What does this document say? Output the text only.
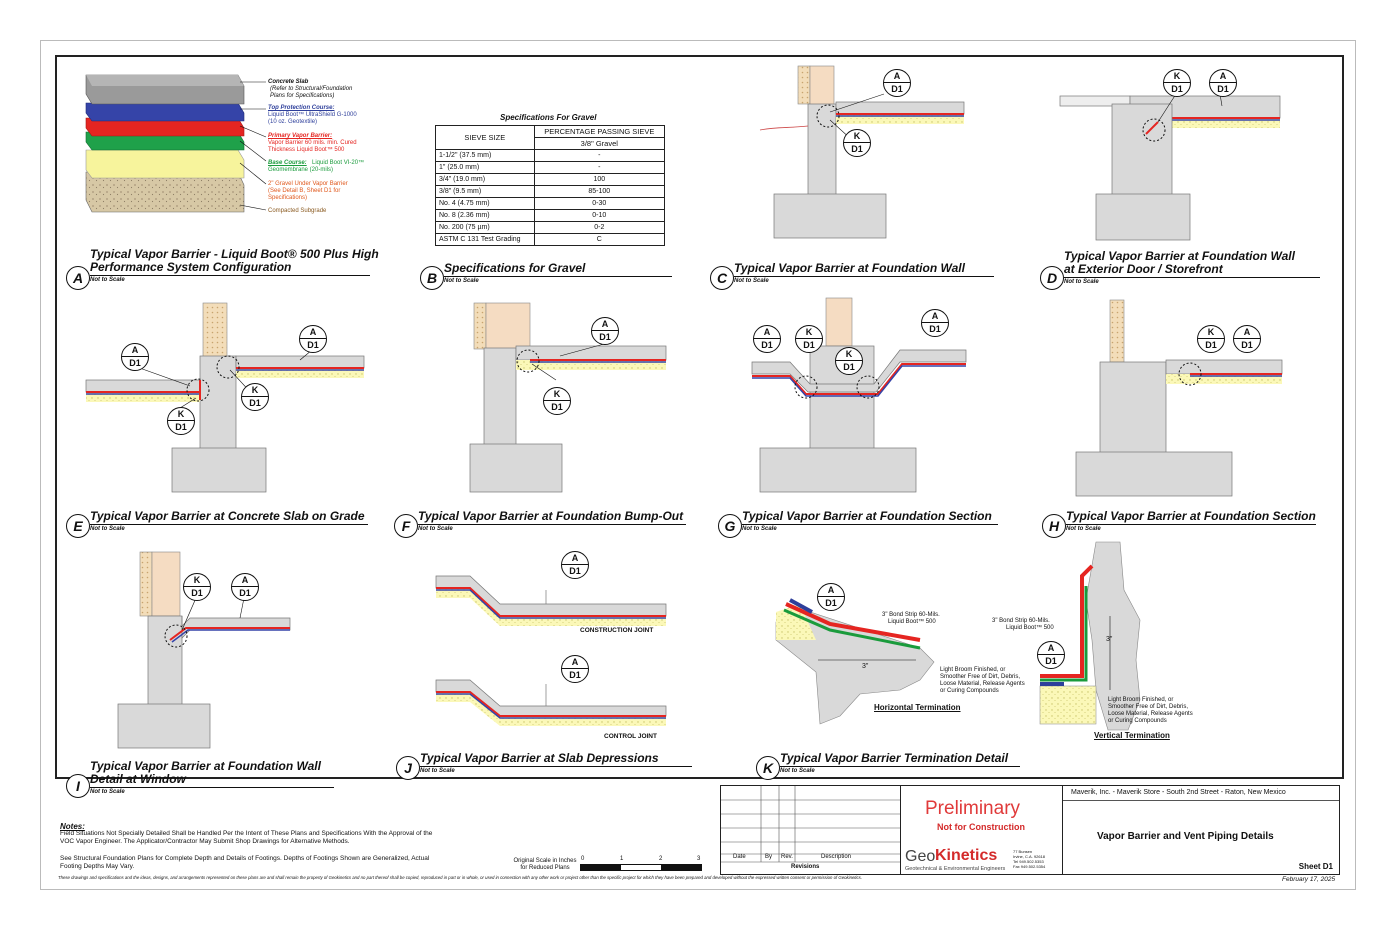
Concrete Slab
(Refer to Structural/Foundation
Plans for Specifications)
Top Protection Course:
Liquid Boot™ UltraShield G-1000
(10 oz. Geotextile)
Primary Vapor Barrier:
Vapor Barrier 60 mils. min. Cured
Thickness Liquid Boot™ 500
Base Course: Liquid Boot VI-20™
Geomembrane (20-mils)
2" Gravel Under Vapor Barrier
(See Detail B, Sheet D1 for
Specifications)
Compacted Subgrade
Specifications For Gravel
SIEVE SIZE	PERCENTAGE PASSING SIEVE
	3/8" Gravel
1-1/2" (37.5 mm)	-
1" (25.0 mm)	-
3/4" (19.0 mm)	100
3/8" (9.5 mm)	85-100
No. 4 (4.75 mm)	0-30
No. 8 (2.36 mm)	0-10
No. 200 (75 µm)	0-2
ASTM C 131 Test Grading	C
A
D1
K
D1
K
D1
A
D1
A
D1
A
D1
K
D1
K
D1
A
D1
K
D1
A
D1
K
D1
K
D1
A
D1	K
D1
A
D1
K
D1
A
D1
A
D1
A
D1
A
D1
A
D1
CONSTRUCTION JOINT
CONTROL JOINT
3" Bond Strip 60-Mils.
Liquid Boot™ 500
3"	Light Broom Finished, or
Smoother Free of Dirt, Debris,
Loose Material, Release Agents
or Curing Compounds
Horizontal Termination
3" Bond Strip 60-Mils.
Liquid Boot™ 500
3"
Light Broom Finished, or
Smoother Free of Dirt, Debris,
Loose Material, Release Agents
or Curing Compounds
Vertical Termination
A
Typical Vapor Barrier - Liquid Boot® 500 Plus High
Performance System Configuration
Not to Scale	B
Specifications for Gravel
Not to Scale	C
Typical Vapor Barrier at Foundation Wall
Not to Scale	D
Typical Vapor Barrier at Foundation Wall
at Exterior Door / Storefront
Not to Scale
E
Typical Vapor Barrier at Concrete Slab on Grade
Not to Scale	F
Typical Vapor Barrier at Foundation Bump-Out
Not to Scale	G
Typical Vapor Barrier at Foundation Section
Not to Scale	H
Typical Vapor Barrier at Foundation Section
Not to Scale
I
Typical Vapor Barrier at Foundation Wall
Detail at Window
Not to Scale
J
Typical Vapor Barrier at Slab Depressions
Not to Scale	K
Typical Vapor Barrier Termination Detail
Not to Scale
Notes:
Field Situations Not Specially Detailed Shall be Handled Per the Intent of These Plans and Specifications With the Approval of the
VOC Vapor Engineer. The Applicator/Contractor May Submit Shop Drawings for Alternative Methods.
See Structural Foundation Plans for Complete Depth and Details of Footings. Depths of Footings Shown are Generalized, Actual
Footing Depths May Vary.
Original Scale in Inches
for Reduced Plans
0	1	2	3	Date	By Rev.	Description
Revisions
Preliminary
Not for Construction
Geo Kinetics
Geotechnical & Environmental Engineers
77 Bunsen
Irvine, C.A. 92618
Tel 949.502.5353
Fax 949.502.5354
Maverik, Inc. - Maverik Store - South 2nd Street - Raton, New Mexico
Vapor Barrier and Vent Piping Details
Sheet D1
February 17, 2025
These drawings and specifications and the ideas, designs, and arrangements represented on these plans are and shall remain the property of Geokinetics and no part thereof shall be copied, reproduced in part or in whole, or used in connection with any other work or project other than the specific project for which they have been prepared and developed without the expressed written consent or permission of Geokinetics.
